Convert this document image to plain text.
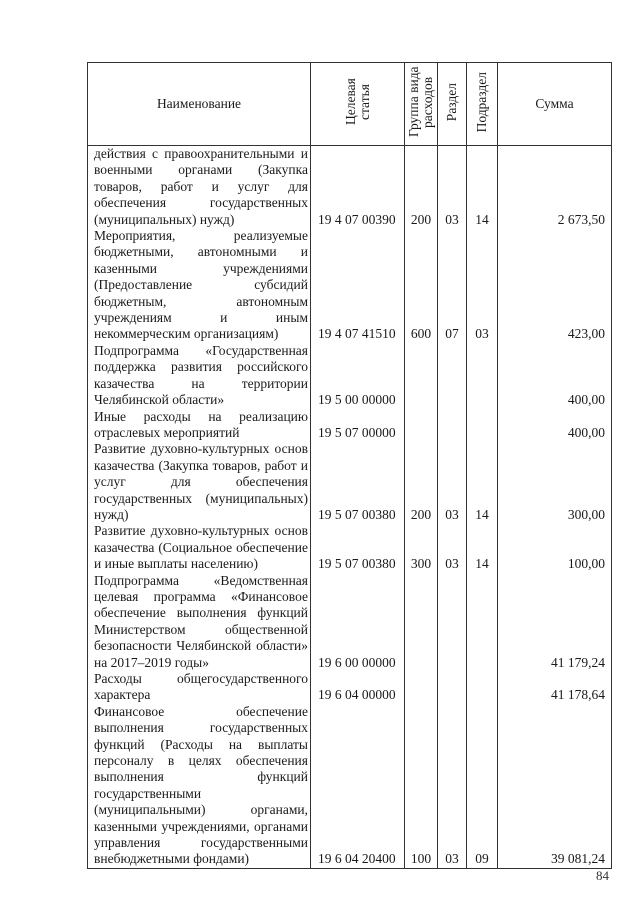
Наименование	Целевая статья	Группа вида расходов	Раздел	Подраздел	Сумма
действия с правоохранительными и военными органами (Закупка товаров, работ и услуг для обеспечения государственных (муниципальных) нужд)	19 4 07 00390	200	03	14	2 673,50
Мероприятия, реализуемые бюджетными, автономными и казенными учреждениями (Предоставление субсидий бюджетным, автономным учреждениям и иным некоммерческим организациям)	19 4 07 41510	600	07	03	423,00
Подпрограмма «Государственная поддержка развития российского казачества на территории Челябинской области»	19 5 00 00000				400,00
Иные расходы на реализацию отраслевых мероприятий	19 5 07 00000				400,00
Развитие духовно-культурных основ казачества (Закупка товаров, работ и услуг для обеспечения государственных (муниципальных) нужд)	19 5 07 00380	200	03	14	300,00
Развитие духовно-культурных основ казачества (Социальное обеспечение и иные выплаты населению)	19 5 07 00380	300	03	14	100,00
Подпрограмма «Ведомственная целевая программа «Финансовое обеспечение выполнения функций Министерством общественной безопасности Челябинской области» на 2017–2019 годы»	19 6 00 00000				41 179,24
Расходы общегосударственного характера	19 6 04 00000				41 178,64
Финансовое обеспечение выполнения государственных функций (Расходы на выплаты персоналу в целях обеспечения выполнения функций государственными (муниципальными) органами, казенными учреждениями, органами управления государственными внебюджетными фондами)	19 6 04 20400	100	03	09	39 081,24
84
